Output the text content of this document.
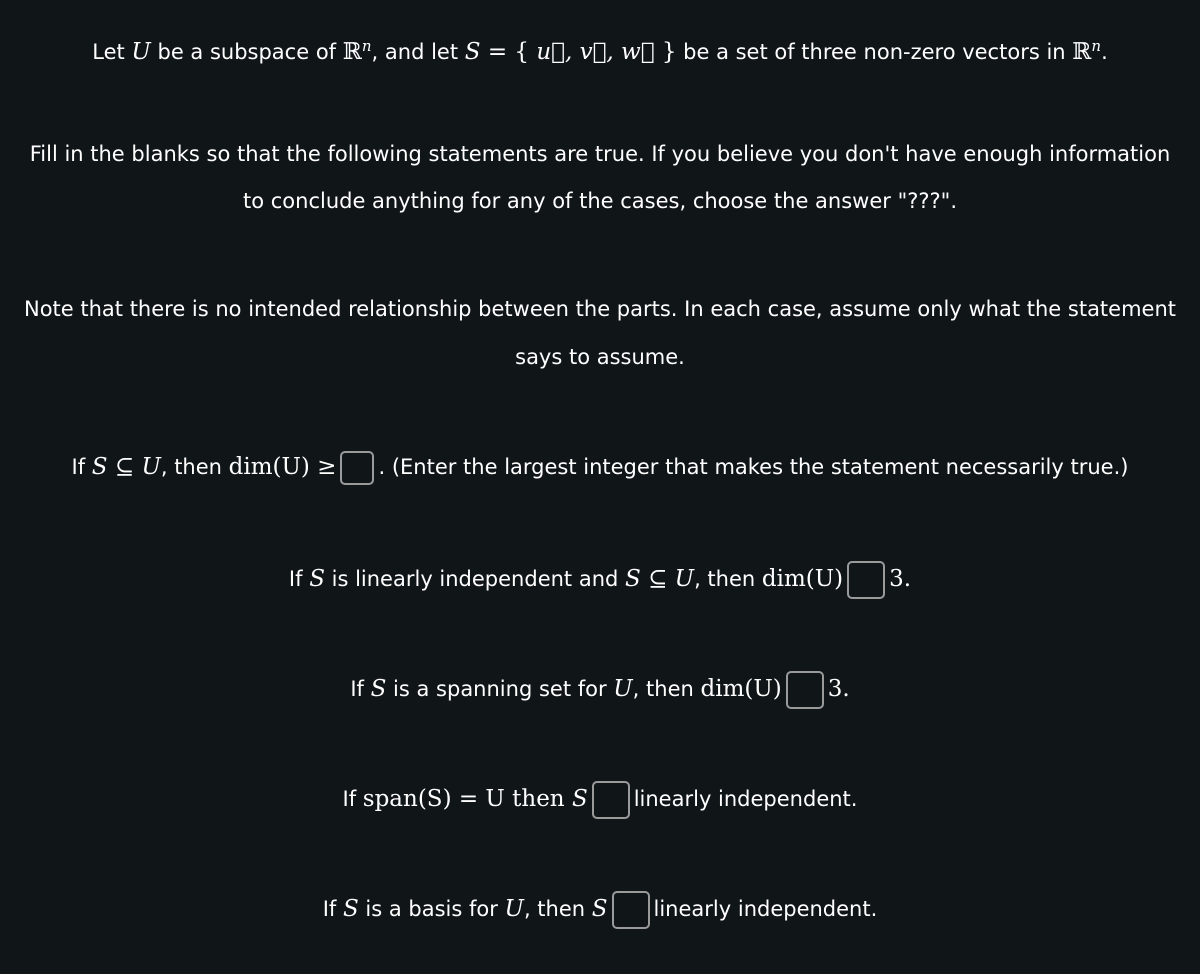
Let U be a subspace of ℝ$^n$, and let S = { u⃗, v⃗, w⃗ } be a set of three non-zero vectors in ℝ$^n$.
Fill in the blanks so that the following statements are true. If you believe you don't have enough information
to conclude anything for any of the cases, choose the answer "???".
Note that there is no intended relationship between the parts. In each case, assume only what the statement
says to assume.
If S ⊆ U, then dim(U) ≥ . (Enter the largest integer that makes the statement necessarily true.)
If S is linearly independent and S ⊆ U, then dim(U) 3.
If S is a spanning set for U, then dim(U) 3.
If span(S) = U then S linearly independent.
If S is a basis for U, then S linearly independent.
